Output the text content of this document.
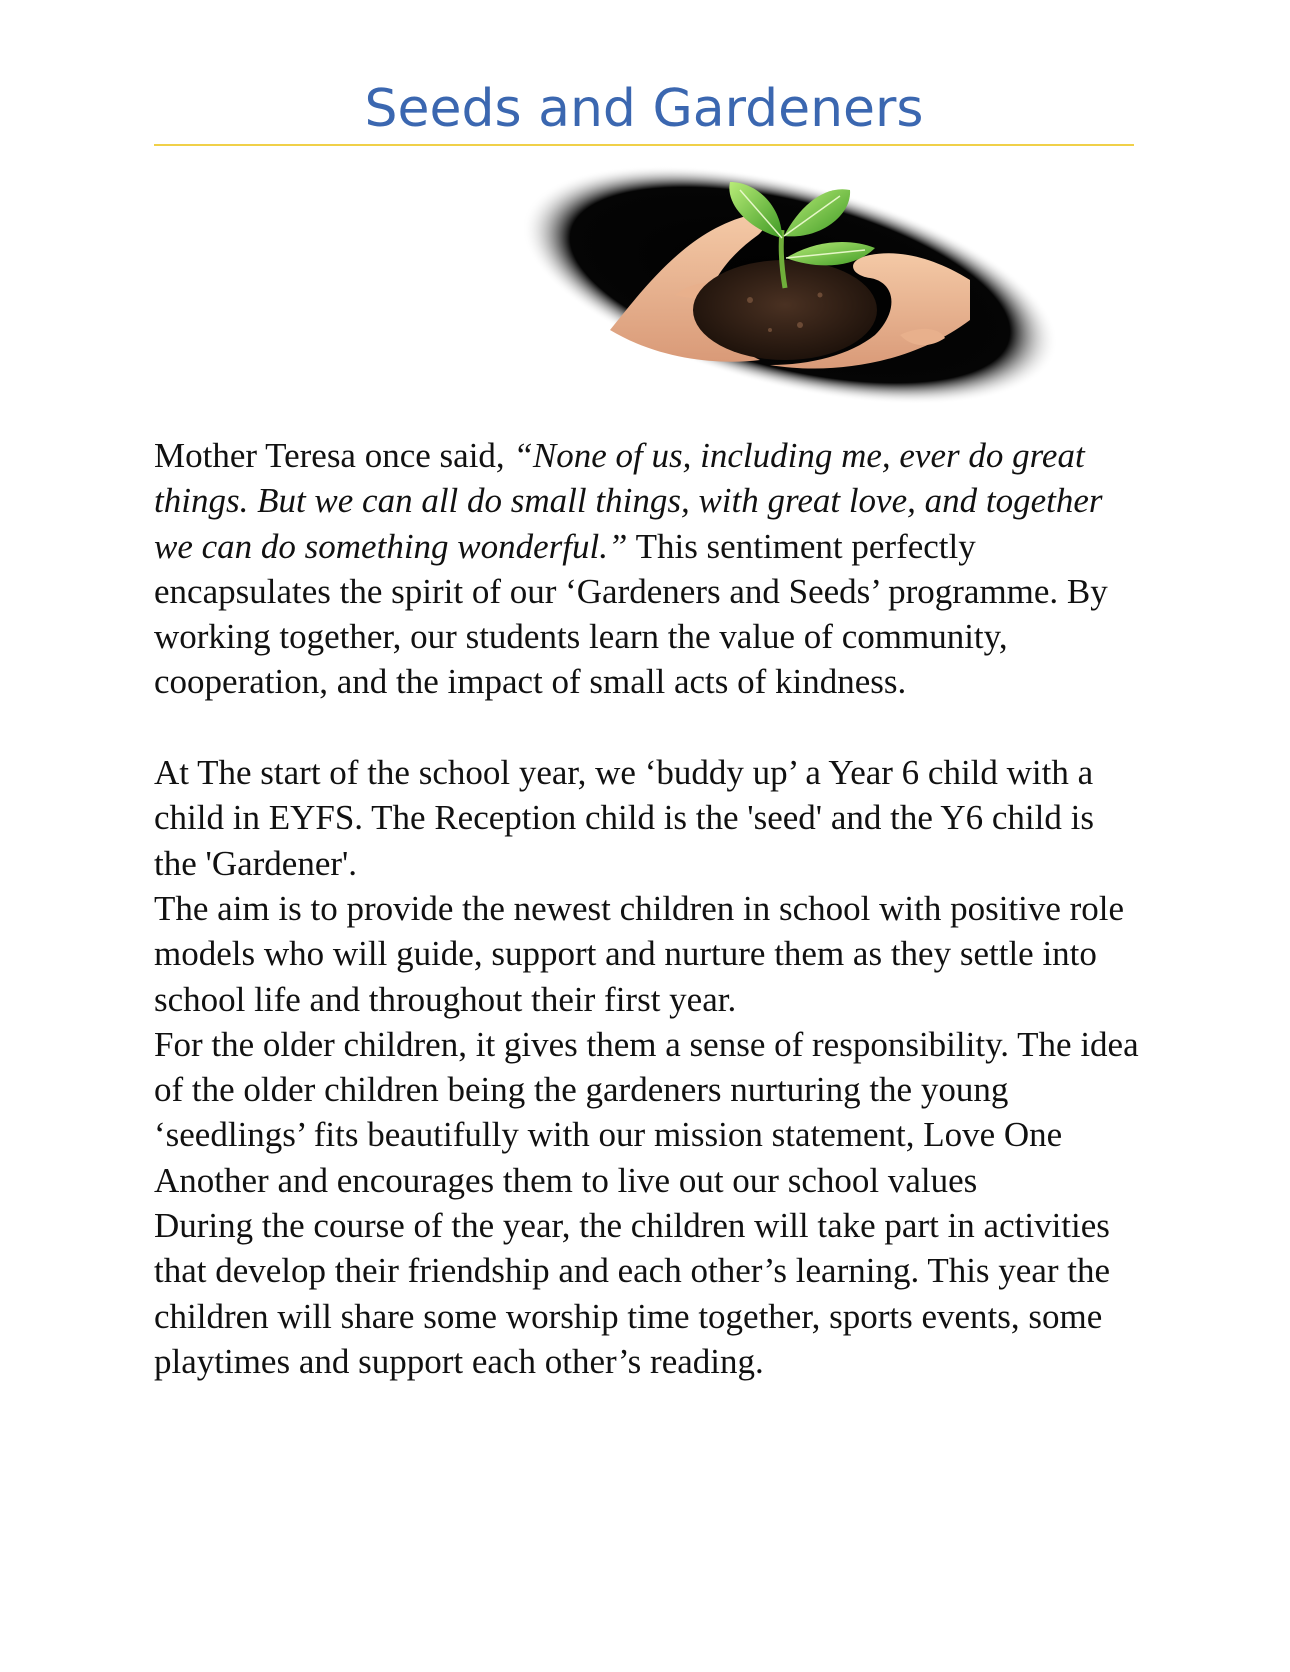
Seeds and Gardeners

Mother Teresa once said, “None of us, including me, ever do great things. But we can all do small things, with great love, and together we can do something wonderful.” This sentiment perfectly encapsulates the spirit of our ‘Gardeners and Seeds’ programme. By working together, our students learn the value of community, cooperation, and the impact of small acts of kindness.

At The start of the school year, we ‘buddy up’ a Year 6 child with a child in EYFS. The Reception child is the 'seed' and the Y6 child is the 'Gardener'.

The aim is to provide the newest children in school with positive role models who will guide, support and nurture them as they settle into school life and throughout their first year.

For the older children, it gives them a sense of responsibility. The idea of the older children being the gardeners nurturing the young ‘seedlings’ fits beautifully with our mission statement, Love One Another and encourages them to live out our school values

During the course of the year, the children will take part in activities that develop their friendship and each other’s learning. This year the children will share some worship time together, sports events, some playtimes and support each other’s reading.
